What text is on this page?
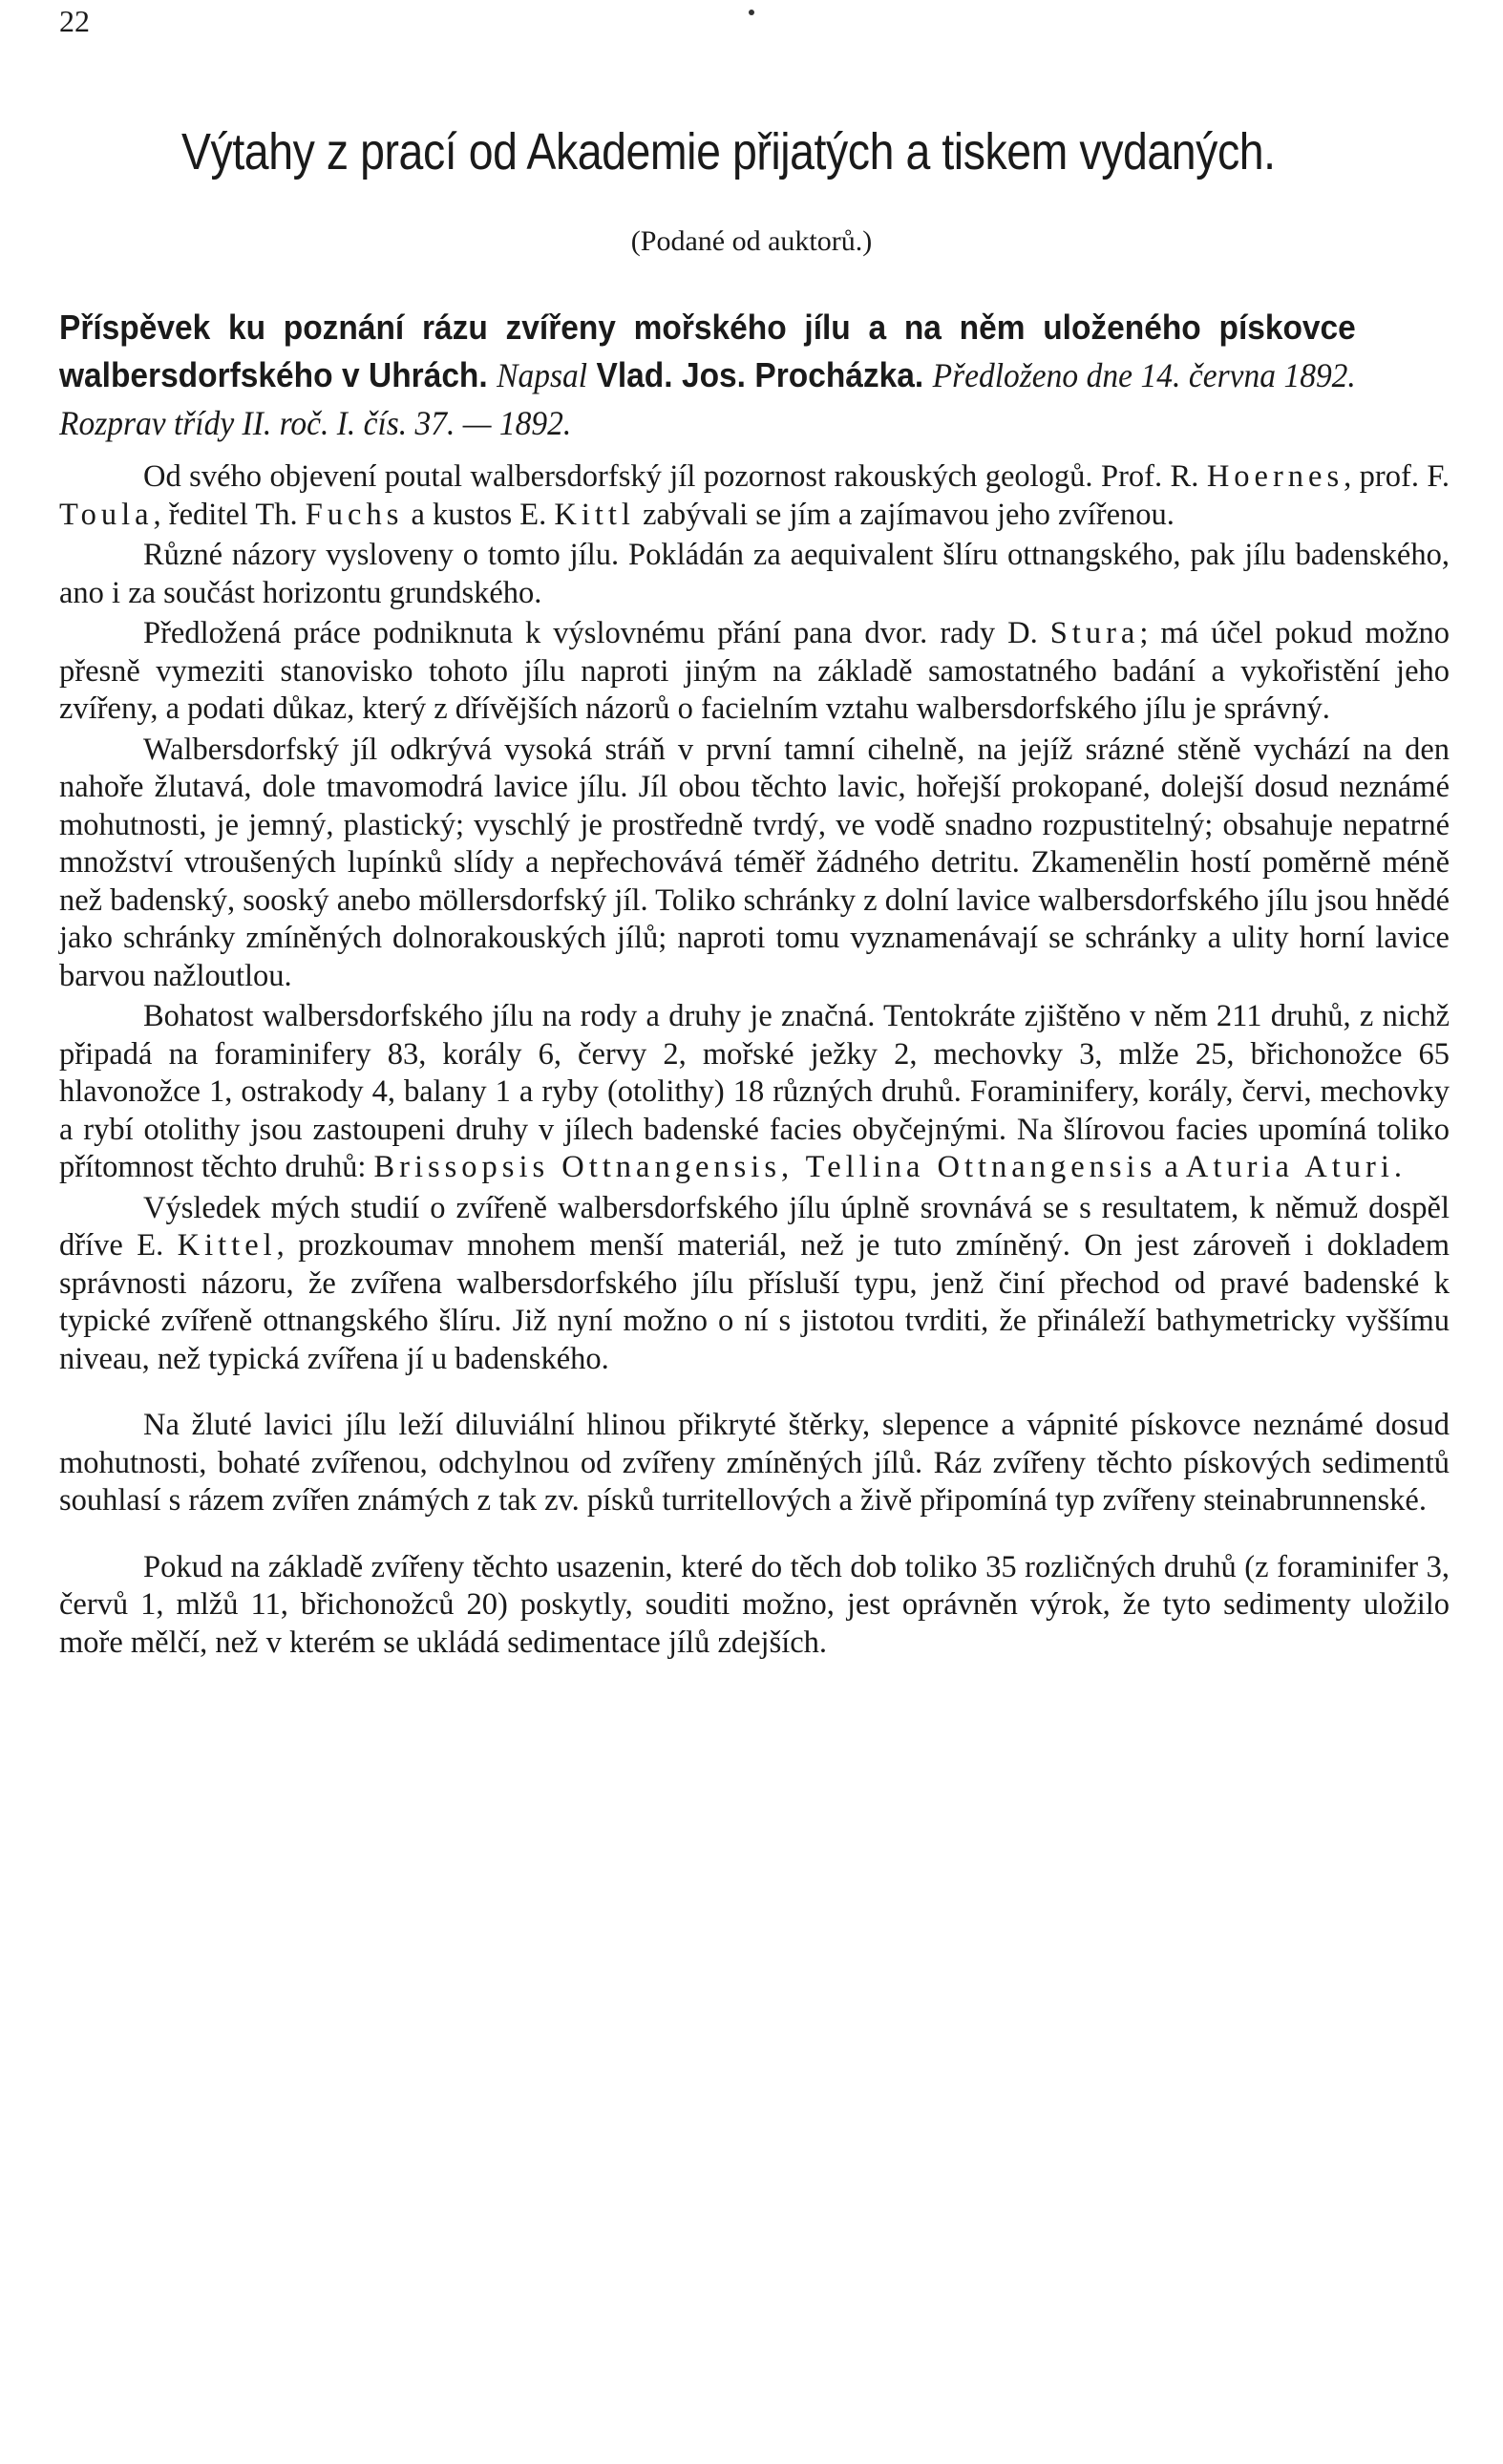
22
Výtahy z prací od Akademie přijatých a tiskem vydaných.
(Podané od auktorů.)
Příspěvek ku poznání rázu zvířeny mořského jílu a na něm uloženého pískovce walbersdorfského v Uhrách. Napsal Vlad. Jos. Procházka. Předloženo dne 14. června 1892. Rozprav třídy II. roč. I. čís. 37. — 1892.

Od svého objevení poutal walbersdorfský jíl pozornost rakouských geologů. Prof. R. Hoernes, prof. F. Toula, ředitel Th. Fuchs a kustos E. Kittl zabývali se jím a zajímavou jeho zvířenou.

Různé názory vysloveny o tomto jílu. Pokládán za aequivalent šlíru ottnangského, pak jílu badenského, ano i za součást horizontu grundského.

Předložená práce podniknuta k výslovnému přání pana dvor. rady D. Stura; má účel pokud možno přesně vymeziti stanovisko tohoto jílu naproti jiným na základě samostatného badání a vykořistění jeho zvířeny, a podati důkaz, který z dřívějších názorů o facielním vztahu walbersdorfského jílu je správný.

Walbersdorfský jíl odkrývá vysoká stráň v první tamní cihelně, na jejíž srázné stěně vychází na den nahoře žlutavá, dole tmavomodrá lavice jílu. Jíl obou těchto lavic, hořejší prokopané, dolejší dosud neznámé mohutnosti, je jemný, plastický; vyschlý je prostředně tvrdý, ve vodě snadno rozpustitelný; obsahuje nepatrné množství vtroušených lupínků slídy a nepřechovává téměř žádného detritu. Zkamenělin hostí poměrně méně než badenský, sooský anebo möllersdorfský jíl. Toliko schránky z dolní lavice walbersdorfského jílu jsou hnědé jako schránky zmíněných dolnorakouských jílů; naproti tomu vyznamenávají se schránky a ulity horní lavice barvou nažloutlou.

Bohatost walbersdorfského jílu na rody a druhy je značná. Tentokráte zjištěno v něm 211 druhů, z nichž připadá na foraminifery 83, korály 6, červy 2, mořské ježky 2, mechovky 3, mlže 25, břichonožce 65 hlavonožce 1, ostrakody 4, balany 1 a ryby (otolithy) 18 různých druhů. Foraminifery, korály, červi, mechovky a rybí otolithy jsou zastoupeni druhy v jílech badenské facies obyčejnými. Na šlírovou facies upomíná toliko přítomnost těchto druhů: Brissopsis Ottnangensis, Tellina Ottnangensis a Aturia Aturi.

Výsledek mých studií o zvířeně walbersdorfského jílu úplně srovnává se s resultatem, k němuž dospěl dříve E. Kittel, prozkoumav mnohem menší materiál, než je tuto zmíněný. On jest zároveň i dokladem správnosti názoru, že zvířena walbersdorfského jílu přísluší typu, jenž činí přechod od pravé badenské k typické zvířeně ottnangského šlíru. Již nyní možno o ní s jistotou tvrditi, že přináleží bathymetricky vyššímu niveau, než typická zvířena jí u badenského.

Na žluté lavici jílu leží diluviální hlinou přikryté štěrky, slepence a vápnité pískovce neznámé dosud mohutnosti, bohaté zvířenou, odchylnou od zvířeny zmíněných jílů. Ráz zvířeny těchto pískových sedimentů souhlasí s rázem zvířen známých z tak zv. písků turritellových a živě připomíná typ zvířeny steinabrunnenské.

Pokud na základě zvířeny těchto usazenin, které do těch dob toliko 35 rozličných druhů (z foraminifer 3, červů 1, mlžů 11, břichonožců 20) poskytly, souditi možno, jest oprávněn výrok, že tyto sedimenty uložilo moře mělčí, než v kterém se ukládá sedimentace jílů zdejších.
